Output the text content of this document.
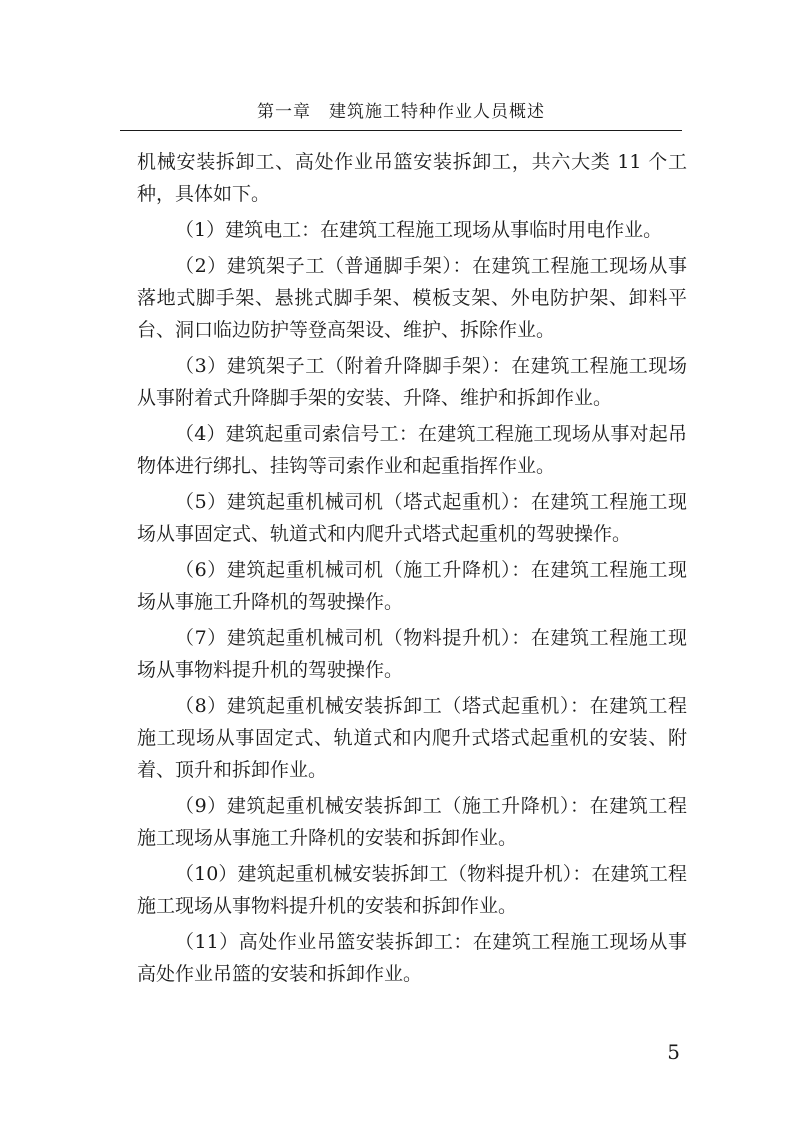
第一章　建筑施工特种作业人员概述

机械安装拆卸工、高处作业吊篮安装拆卸工，共六大类 11 个工种，具体如下。

（1）建筑电工：在建筑工程施工现场从事临时用电作业。

（2）建筑架子工（普通脚手架）：在建筑工程施工现场从事落地式脚手架、悬挑式脚手架、模板支架、外电防护架、卸料平台、洞口临边防护等登高架设、维护、拆除作业。

（3）建筑架子工（附着升降脚手架）：在建筑工程施工现场从事附着式升降脚手架的安装、升降、维护和拆卸作业。

（4）建筑起重司索信号工：在建筑工程施工现场从事对起吊物体进行绑扎、挂钩等司索作业和起重指挥作业。

（5）建筑起重机械司机（塔式起重机）：在建筑工程施工现场从事固定式、轨道式和内爬升式塔式起重机的驾驶操作。

（6）建筑起重机械司机（施工升降机）：在建筑工程施工现场从事施工升降机的驾驶操作。

（7）建筑起重机械司机（物料提升机）：在建筑工程施工现场从事物料提升机的驾驶操作。

（8）建筑起重机械安装拆卸工（塔式起重机）：在建筑工程施工现场从事固定式、轨道式和内爬升式塔式起重机的安装、附着、顶升和拆卸作业。

（9）建筑起重机械安装拆卸工（施工升降机）：在建筑工程施工现场从事施工升降机的安装和拆卸作业。

（10）建筑起重机械安装拆卸工（物料提升机）：在建筑工程施工现场从事物料提升机的安装和拆卸作业。

（11）高处作业吊篮安装拆卸工：在建筑工程施工现场从事高处作业吊篮的安装和拆卸作业。

5
